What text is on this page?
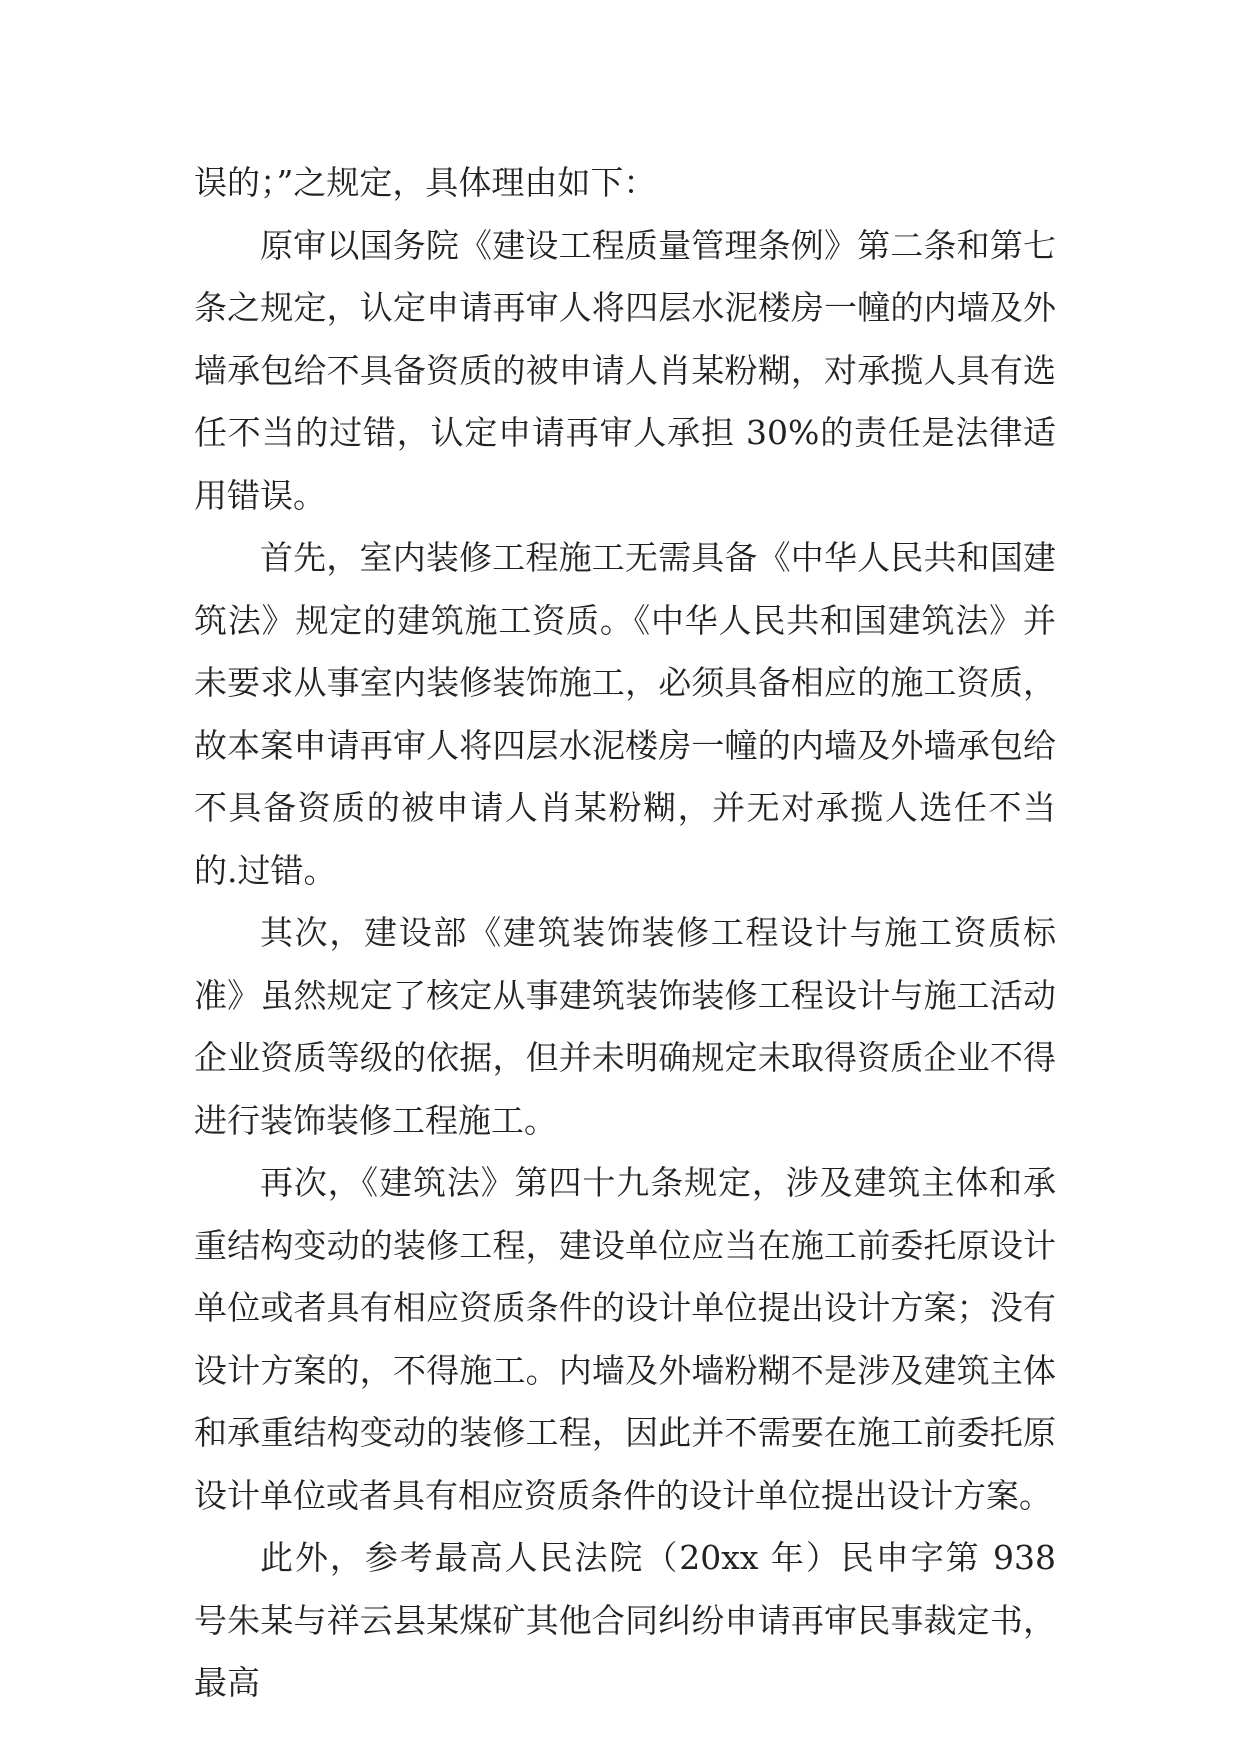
误的；”之规定，具体理由如下：

原审以国务院《建设工程质量管理条例》第二条和第七条之规定，认定申请再审人将四层水泥楼房一幢的内墙及外墙承包给不具备资质的被申请人肖某粉糊，对承揽人具有选任不当的过错，认定申请再审人承担 30%的责任是法律适用错误。

首先，室内装修工程施工无需具备《中华人民共和国建筑法》规定的建筑施工资质。《中华人民共和国建筑法》并未要求从事室内装修装饰施工，必须具备相应的施工资质，故本案申请再审人将四层水泥楼房一幢的内墙及外墙承包给不具备资质的被申请人肖某粉糊，并无对承揽人选任不当的.过错。

其次，建设部《建筑装饰装修工程设计与施工资质标准》虽然规定了核定从事建筑装饰装修工程设计与施工活动企业资质等级的依据，但并未明确规定未取得资质企业不得进行装饰装修工程施工。

再次，《建筑法》第四十九条规定，涉及建筑主体和承重结构变动的装修工程，建设单位应当在施工前委托原设计单位或者具有相应资质条件的设计单位提出设计方案；没有设计方案的，不得施工。内墙及外墙粉糊不是涉及建筑主体和承重结构变动的装修工程，因此并不需要在施工前委托原设计单位或者具有相应资质条件的设计单位提出设计方案。

此外，参考最高人民法院（20xx 年）民申字第 938 号朱某与祥云县某煤矿其他合同纠纷申请再审民事裁定书，最高
